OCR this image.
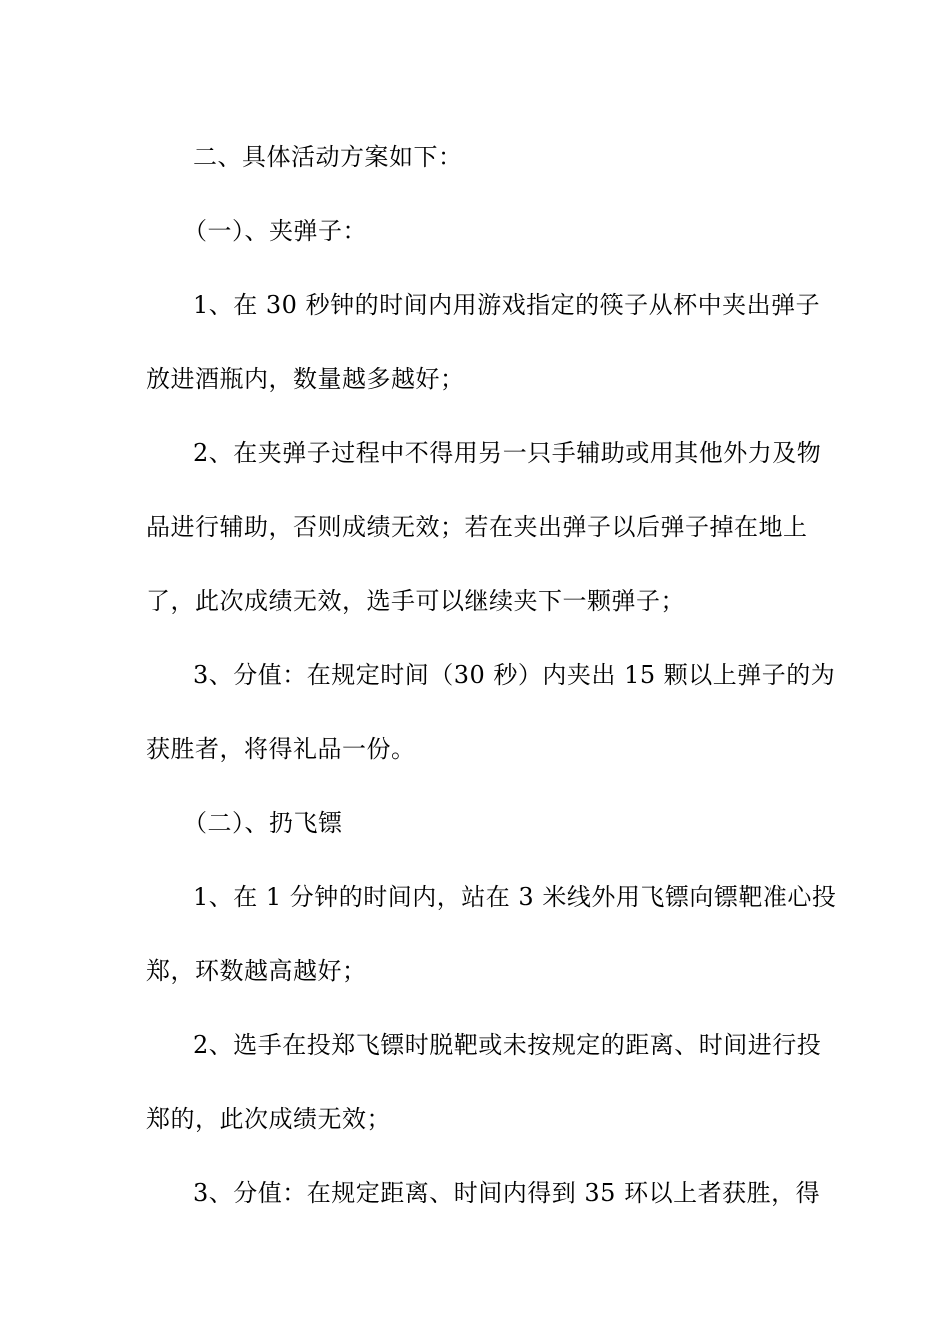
二、具体活动方案如下：
（一）、夹弹子：
1、在 30 秒钟的时间内用游戏指定的筷子从杯中夹出弹子
放进酒瓶内，数量越多越好；
2、在夹弹子过程中不得用另一只手辅助或用其他外力及物
品进行辅助，否则成绩无效；若在夹出弹子以后弹子掉在地上
了，此次成绩无效，选手可以继续夹下一颗弹子；
3、分值：在规定时间（30 秒）内夹出 15 颗以上弹子的为
获胜者，将得礼品一份。
（二）、扔飞镖
1、在 1 分钟的时间内，站在 3 米线外用飞镖向镖靶准心投
郑，环数越高越好；
2、选手在投郑飞镖时脱靶或未按规定的距离、时间进行投
郑的，此次成绩无效；
3、分值：在规定距离、时间内得到 35 环以上者获胜，得
